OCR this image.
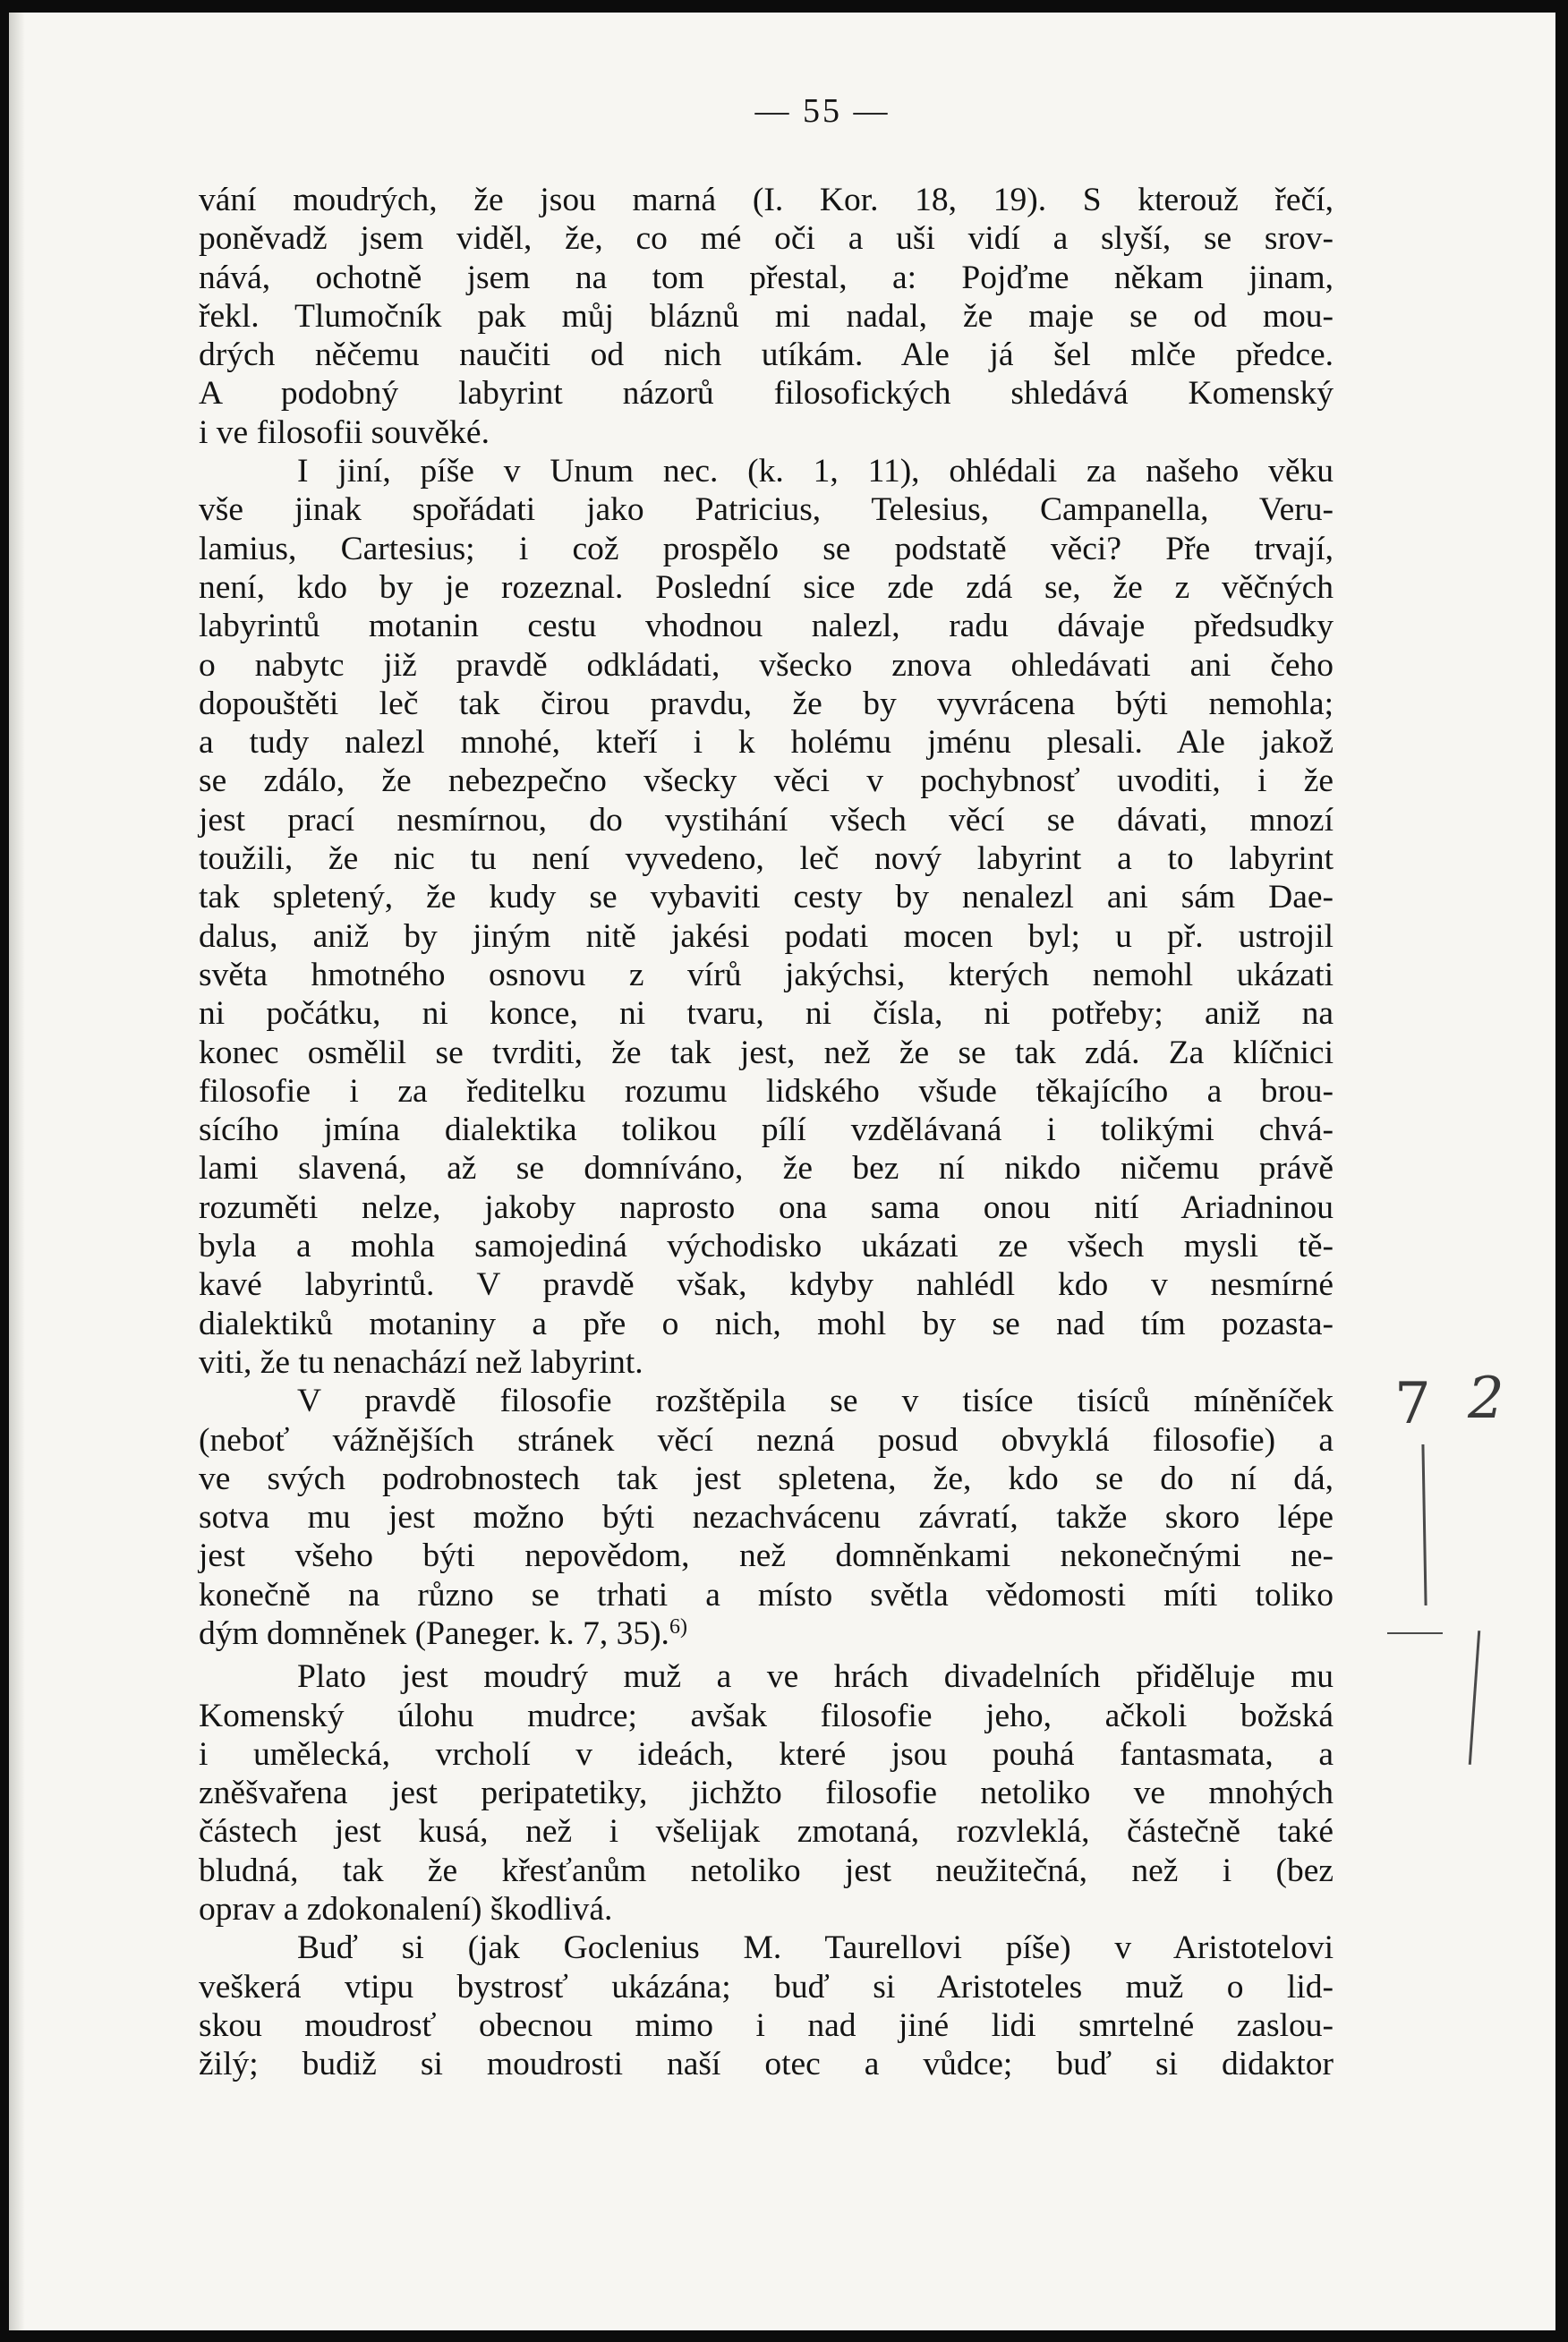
— 55 —
vání moudrých, že jsou marná (I. Kor. 18, 19). S kterouž řečí,
poněvadž jsem viděl, že, co mé oči a uši vidí a slyší, se srov-
nává, ochotně jsem na tom přestal, a: Pojďme někam jinam,
řekl. Tlumočník pak můj bláznů mi nadal, že maje se od mou-
drých něčemu naučiti od nich utíkám. Ale já šel mlče předce.
A podobný labyrint názorů filosofických shledává Komenský
i ve filosofii souvěké.
I jiní, píše v Unum nec. (k. 1, 11), ohlédali za našeho věku
vše jinak spořádati jako Patricius, Telesius, Campanella, Veru-
lamius, Cartesius; i což prospělo se podstatě věci? Pře trvají,
není, kdo by je rozeznal. Poslední sice zde zdá se, že z věčných
labyrintů motanin cestu vhodnou nalezl, radu dávaje předsudky
o nabytc již pravdě odkládati, všecko znova ohledávati ani čeho
dopouštěti leč tak čirou pravdu, že by vyvrácena býti nemohla;
a tudy nalezl mnohé, kteří i k holému jménu plesali. Ale jakož
se zdálo, že nebezpečno všecky věci v pochybnosť uvoditi, i že
jest prací nesmírnou, do vystihání všech věcí se dávati, mnozí
toužili, že nic tu není vyvedeno, leč nový labyrint a to labyrint
tak spletený, že kudy se vybaviti cesty by nenalezl ani sám Dae-
dalus, aniž by jiným nitě jakési podati mocen byl; u př. ustrojil
světa hmotného osnovu z vírů jakýchsi, kterých nemohl ukázati
ni počátku, ni konce, ni tvaru, ni čísla, ni potřeby; aniž na
konec osmělil se tvrditi, že tak jest, než že se tak zdá. Za klíčnici
filosofie i za ředitelku rozumu lidského všude těkajícího a brou-
sícího jmína dialektika tolikou pílí vzdělávaná i tolikými chvá-
lami slavená, až se domníváno, že bez ní nikdo ničemu právě
rozuměti nelze, jakoby naprosto ona sama onou nití Ariadninou
byla a mohla samojediná východisko ukázati ze všech mysli tě-
kavé labyrintů. V pravdě však, kdyby nahlédl kdo v nesmírné
dialektiků motaniny a pře o nich, mohl by se nad tím pozasta-
viti, že tu nenachází než labyrint.
V pravdě filosofie rozštěpila se v tisíce tisíců míněníček
(neboť vážnějších stránek věcí nezná posud obvyklá filosofie) a
ve svých podrobnostech tak jest spletena, že, kdo se do ní dá,
sotva mu jest možno býti nezachvácenu závratí, takže skoro lépe
jest všeho býti nepovědom, než domněnkami nekonečnými ne-
konečně na různo se trhati a místo světla vědomosti míti toliko
dým domněnek (Paneger. k. 7, 35).$^{6)}$
Plato jest moudrý muž a ve hrách divadelních přiděluje mu
Komenský úlohu mudrce; avšak filosofie jeho, ačkoli božská
i umělecká, vrcholí v ideách, které jsou pouhá fantasmata, a
zněšvařena jest peripatetiky, jichžto filosofie netoliko ve mnohých
částech jest kusá, než i všelijak zmotaná, rozvleklá, částečně také
bludná, tak že křesťanům netoliko jest neužitečná, než i (bez
oprav a zdokonalení) škodlivá.
Buď si (jak Goclenius M. Taurellovi píše) v Aristotelovi
veškerá vtipu bystrosť ukázána; buď si Aristoteles muž o lid-
skou moudrosť obecnou mimo i nad jiné lidi smrtelné zaslou-
žilý; budiž si moudrosti naší otec a vůdce; buď si didaktor
7 2
